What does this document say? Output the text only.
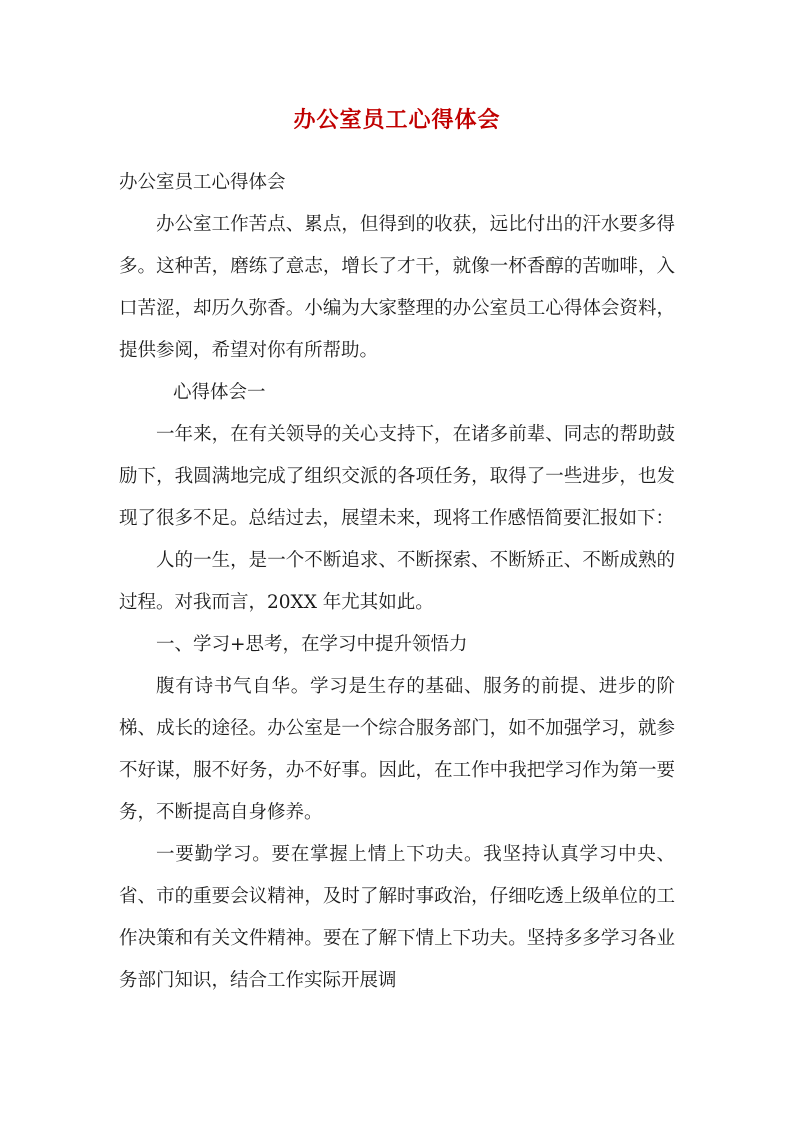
办公室员工心得体会

办公室员工心得体会

办公室工作苦点、累点，但得到的收获，远比付出的汗水要多得多。这种苦，磨练了意志，增长了才干，就像一杯香醇的苦咖啡，入口苦涩，却历久弥香。小编为大家整理的办公室员工心得体会资料，提供参阅，希望对你有所帮助。

心得体会一

一年来，在有关领导的关心支持下，在诸多前辈、同志的帮助鼓励下，我圆满地完成了组织交派的各项任务，取得了一些进步，也发现了很多不足。总结过去，展望未来，现将工作感悟简要汇报如下：

人的一生，是一个不断追求、不断探索、不断矫正、不断成熟的过程。对我而言，20XX 年尤其如此。

一、学习+思考，在学习中提升领悟力

腹有诗书气自华。学习是生存的基础、服务的前提、进步的阶梯、成长的途径。办公室是一个综合服务部门，如不加强学习，就参不好谋，服不好务，办不好事。因此，在工作中我把学习作为第一要务，不断提高自身修养。

一要勤学习。要在掌握上情上下功夫。我坚持认真学习中央、省、市的重要会议精神，及时了解时事政治，仔细吃透上级单位的工作决策和有关文件精神。要在了解下情上下功夫。坚持多多学习各业务部门知识，结合工作实际开展调
